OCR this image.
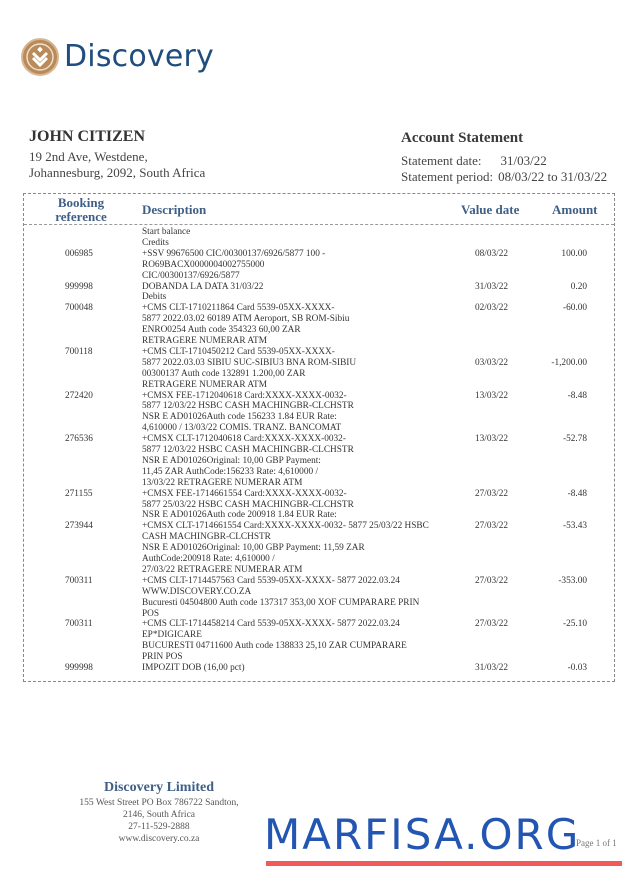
Discovery
JOHN CITIZEN
19 2nd Ave, Westdene,
Johannesburg, 2092, South Africa
Account Statement
Statement date: 31/03/22
Statement period: 08/03/22 to 31/03/22
Booking
reference	Description	Value date	Amount
Start balance
Credits
006985	+SSV 99676500 CIC/00300137/6926/5877 100 -	08/03/22	100.00
RO69BACX0000004002755000
CIC/00300137/6926/5877
999998	DOBANDA LA DATA 31/03/22	31/03/22	0.20
Debits
700048	+CMS CLT-1710211864 Card 5539-05XX-XXXX-	02/03/22	-60.00
5877 2022.03.02 60189 ATM Aeroport, SB ROM-Sibiu
ENRO0254 Auth code 354323 60,00 ZAR
RETRAGERE NUMERAR ATM
700118	+CMS CLT-1710450212 Card 5539-05XX-XXXX-
5877 2022.03.03 SIBIU SUC-SIBIU3 BNA ROM-SIBIU	03/03/22	-1,200.00
00300137 Auth code 132891 1.200,00 ZAR
RETRAGERE NUMERAR ATM
272420	+CMSX FEE-1712040618 Card:XXXX-XXXX-0032-	13/03/22	-8.48
5877 12/03/22 HSBC CASH MACHINGBR-CLCHSTR
NSR E AD01026Auth code 156233 1.84 EUR Rate:
4,610000 / 13/03/22 COMIS. TRANZ. BANCOMAT
276536	+CMSX CLT-1712040618 Card:XXXX-XXXX-0032-	13/03/22	-52.78
5877 12/03/22 HSBC CASH MACHINGBR-CLCHSTR
NSR E AD01026Original: 10,00 GBP Payment:
11,45 ZAR AuthCode:156233 Rate: 4,610000 /
13/03/22 RETRAGERE NUMERAR ATM
271155	+CMSX FEE-1714661554 Card:XXXX-XXXX-0032-	27/03/22	-8.48
5877 25/03/22 HSBC CASH MACHINGBR-CLCHSTR
NSR E AD01026Auth code 200918 1.84 EUR Rate:
273944	+CMSX CLT-1714661554 Card:XXXX-XXXX-0032- 5877 25/03/22 HSBC	27/03/22	-53.43
CASH MACHINGBR-CLCHSTR
NSR E AD01026Original: 10,00 GBP Payment: 11,59 ZAR
AuthCode:200918 Rate: 4,610000 /
27/03/22 RETRAGERE NUMERAR ATM
700311	+CMS CLT-1714457563 Card 5539-05XX-XXXX- 5877 2022.03.24	27/03/22	-353.00
WWW.DISCOVERY.CO.ZA
Bucuresti 04504800 Auth code 137317 353,00 XOF CUMPARARE PRIN
POS
700311	+CMS CLT-1714458214 Card 5539-05XX-XXXX- 5877 2022.03.24	27/03/22	-25.10
EP*DIGICARE
BUCURESTI 04711600 Auth code 138833 25,10 ZAR CUMPARARE
PRIN POS
999998	IMPOZIT DOB (16,00 pct)	31/03/22	-0.03
Discovery Limited
155 West Street PO Box 786722 Sandton,
2146, South Africa
27-11-529-2888
www.discovery.co.za	Page 1 of 1
MARFISA.ORG
